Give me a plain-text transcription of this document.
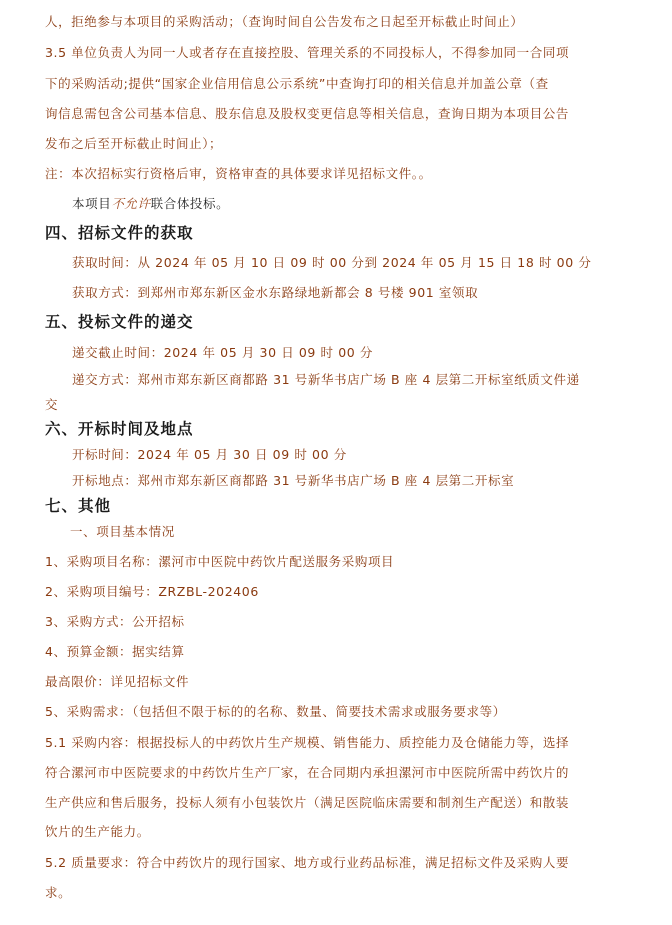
人，拒绝参与本项目的采购活动；（查询时间自公告发布之日起至开标截止时间止）
3.5 单位负责人为同一人或者存在直接控股、管理关系的不同投标人，不得参加同一合同项
下的采购活动;提供“国家企业信用信息公示系统”中查询打印的相关信息并加盖公章（查
询信息需包含公司基本信息、股东信息及股权变更信息等相关信息，查询日期为本项目公告
发布之后至开标截止时间止）；
注：本次招标实行资格后审，资格审查的具体要求详见招标文件。。
本项目不允许联合体投标。
四、招标文件的获取
获取时间：从 2024 年 05 月 10 日 09 时 00 分到 2024 年 05 月 15 日 18 时 00 分
获取方式：到郑州市郑东新区金水东路绿地新都会 8 号楼 901 室领取
五、投标文件的递交
递交截止时间：2024 年 05 月 30 日 09 时 00 分
递交方式：郑州市郑东新区商都路 31 号新华书店广场 B 座 4 层第二开标室纸质文件递
交
六、开标时间及地点
开标时间：2024 年 05 月 30 日 09 时 00 分
开标地点：郑州市郑东新区商都路 31 号新华书店广场 B 座 4 层第二开标室
七、其他
一、项目基本情况
1、采购项目名称：漯河市中医院中药饮片配送服务采购项目
2、采购项目编号：ZRZBL-202406
3、采购方式：公开招标
4、预算金额：据实结算
最高限价：详见招标文件
5、采购需求：（包括但不限于标的的名称、数量、简要技术需求或服务要求等）
5.1 采购内容：根据投标人的中药饮片生产规模、销售能力、质控能力及仓储能力等，选择
符合漯河市中医院要求的中药饮片生产厂家，在合同期内承担漯河市中医院所需中药饮片的
生产供应和售后服务，投标人须有小包装饮片（满足医院临床需要和制剂生产配送）和散装
饮片的生产能力。
5.2 质量要求：符合中药饮片的现行国家、地方或行业药品标准，满足招标文件及采购人要
求。
